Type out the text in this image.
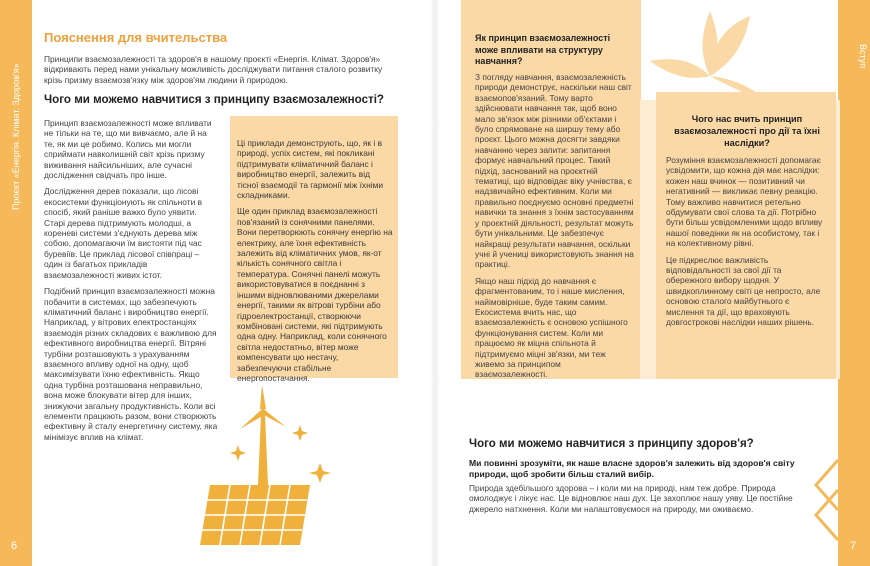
Проєкт «Енергія. Клімат. Здоров'я»
6
Пояснення для вчительства
Принципи взаємозалежності та здоров'я в нашому проєкті «Енергія. Клімат. Здоров'я» відкривають перед нами унікальну можливість досліджувати питання сталого розвитку крізь призму взаємозв'язку між здоров'ям людини й природою.
Чого ми можемо навчитися з принципу взаємозалежності?

Принцип взаємозалежності може впливати не тільки на те, що ми вивчаємо, але й на те, як ми це робимо. Колись ми могли сприймати навколишній світ крізь призму виживання найсильніших, але сучасні дослідження свідчать про інше.

Дослідження дерев показали, що лісові екосистеми функціонують як спільноти в спосіб, який раніше важко було уявити. Старі дерева підтримують молодші, а кореневі системи з'єднують дерева між собою, допомагаючи їм вистояти під час буревіїв. Це приклад лісової співпраці – один із багатьох прикладів взаємозалежності живих істот.

Подібний принцип взаємозалежності можна побачити в системах, що забезпечують кліматичний баланс і виробництво енергії. Наприклад, у вітрових електростанціях взаємодія різних складових є важливою для ефективного виробництва енергії. Вітряні турбіни розташовують з урахуванням взаємного впливу одної на одну, щоб максимізувати їхню ефективність. Якщо одна турбіна розташована неправильно, вона може блокувати вітер для інших, знижуючи загальну продуктивність. Коли всі елементи працюють разом, вони створюють ефективну й сталу енергетичну систему, яка мінімізує вплив на клімат.

Ці приклади демонструють, що, як і в природі, успіх систем, які покликані підтримувати кліматичний баланс і виробництво енергії, залежить від тісної взаємодії та гармонії між їхніми складниками.

Ще один приклад взаємозалежності пов'язаний із сонячними панелями. Вони перетворюють сонячну енергію на електрику, але їхня ефективність залежить від кліматичних умов, як-от кількість сонячного світла і температура. Сонячні панелі можуть використовуватися в поєднанні з іншими відновлюваними джерелами енергії, такими як вітрові турбіни або гідроелектростанції, створюючи комбіновані системи, які підтримують одна одну. Наприклад, коли сонячного світла недостатньо, вітер може компенсувати цю нестачу, забезпечуючи стабільне енергопостачання.

Вступ
7
Як принцип взаємозалежності може впливати на структуру навчання?

З погляду навчання, взаємозалежність природи демонструє, наскільки наш світ взаємопов'язаний. Тому варто здійснювати навчання так, щоб воно мало зв'язок між різними об'єктами і було спрямоване на ширшу тему або проєкт. Цього можна досягти завдяки навчанню через запити: запитання формує навчальний процес. Такий підхід, заснований на проєктній тематиці, що відповідає вікy учнівства, є надзвичайно ефективним. Коли ми правильно поєднуємо основні предметні навички та знання з їхнім застосуванням у проєктній діяльності, результат можуть бути унікальними. Це забезпечує найкращі результати навчання, оскільки учні й учениці використовують знання на практиці.

Якщо наш підхід до навчання є фрагментованим, то і наше мислення, найімовірніше, буде таким самим. Екосистема вчить нас, що взаємозалежність є основою успішного функціонування систем. Коли ми працюємо як міцна спільнота й підтримуємо міцні зв'язки, ми теж живемо за принципом взаємозалежності.

Чого нас вчить принцип взаємозалежності про дії та їхні наслідки?

Розуміння взаємозалежності допомагає усвідомити, що кожна дія має наслідки: кожен наш вчинок — позитивний чи негативний — викликає певну реакцію. Тому важливо навчитися ретельно обдумувати свої слова та дії. Потрібно бути більш усвідомленими щодо впливу нашої поведінки як на особистому, так і на колективному рівні.

Це підкреслює важливість відповідальності за свої дії та обережного вибору щодня. У швидкоплинному світі це непросто, але основою сталого майбутнього є мислення та дії, що враховують довгострокові наслідки наших рішень.

Чого ми можемо навчитися з принципу здоров'я?
Ми повинні зрозуміти, як наше власне здоров'я залежить від здоров'я світу природи, щоб зробити більш сталий вибір.
Природа здебільшого здорова – і коли ми на природі, нам теж добре. Природа омолоджує і лікує нас. Це відновлює наш дух. Це захоплює нашу уяву. Це постійне джерело натхнення. Коли ми налаштовуємося на природу, ми оживаємо.
